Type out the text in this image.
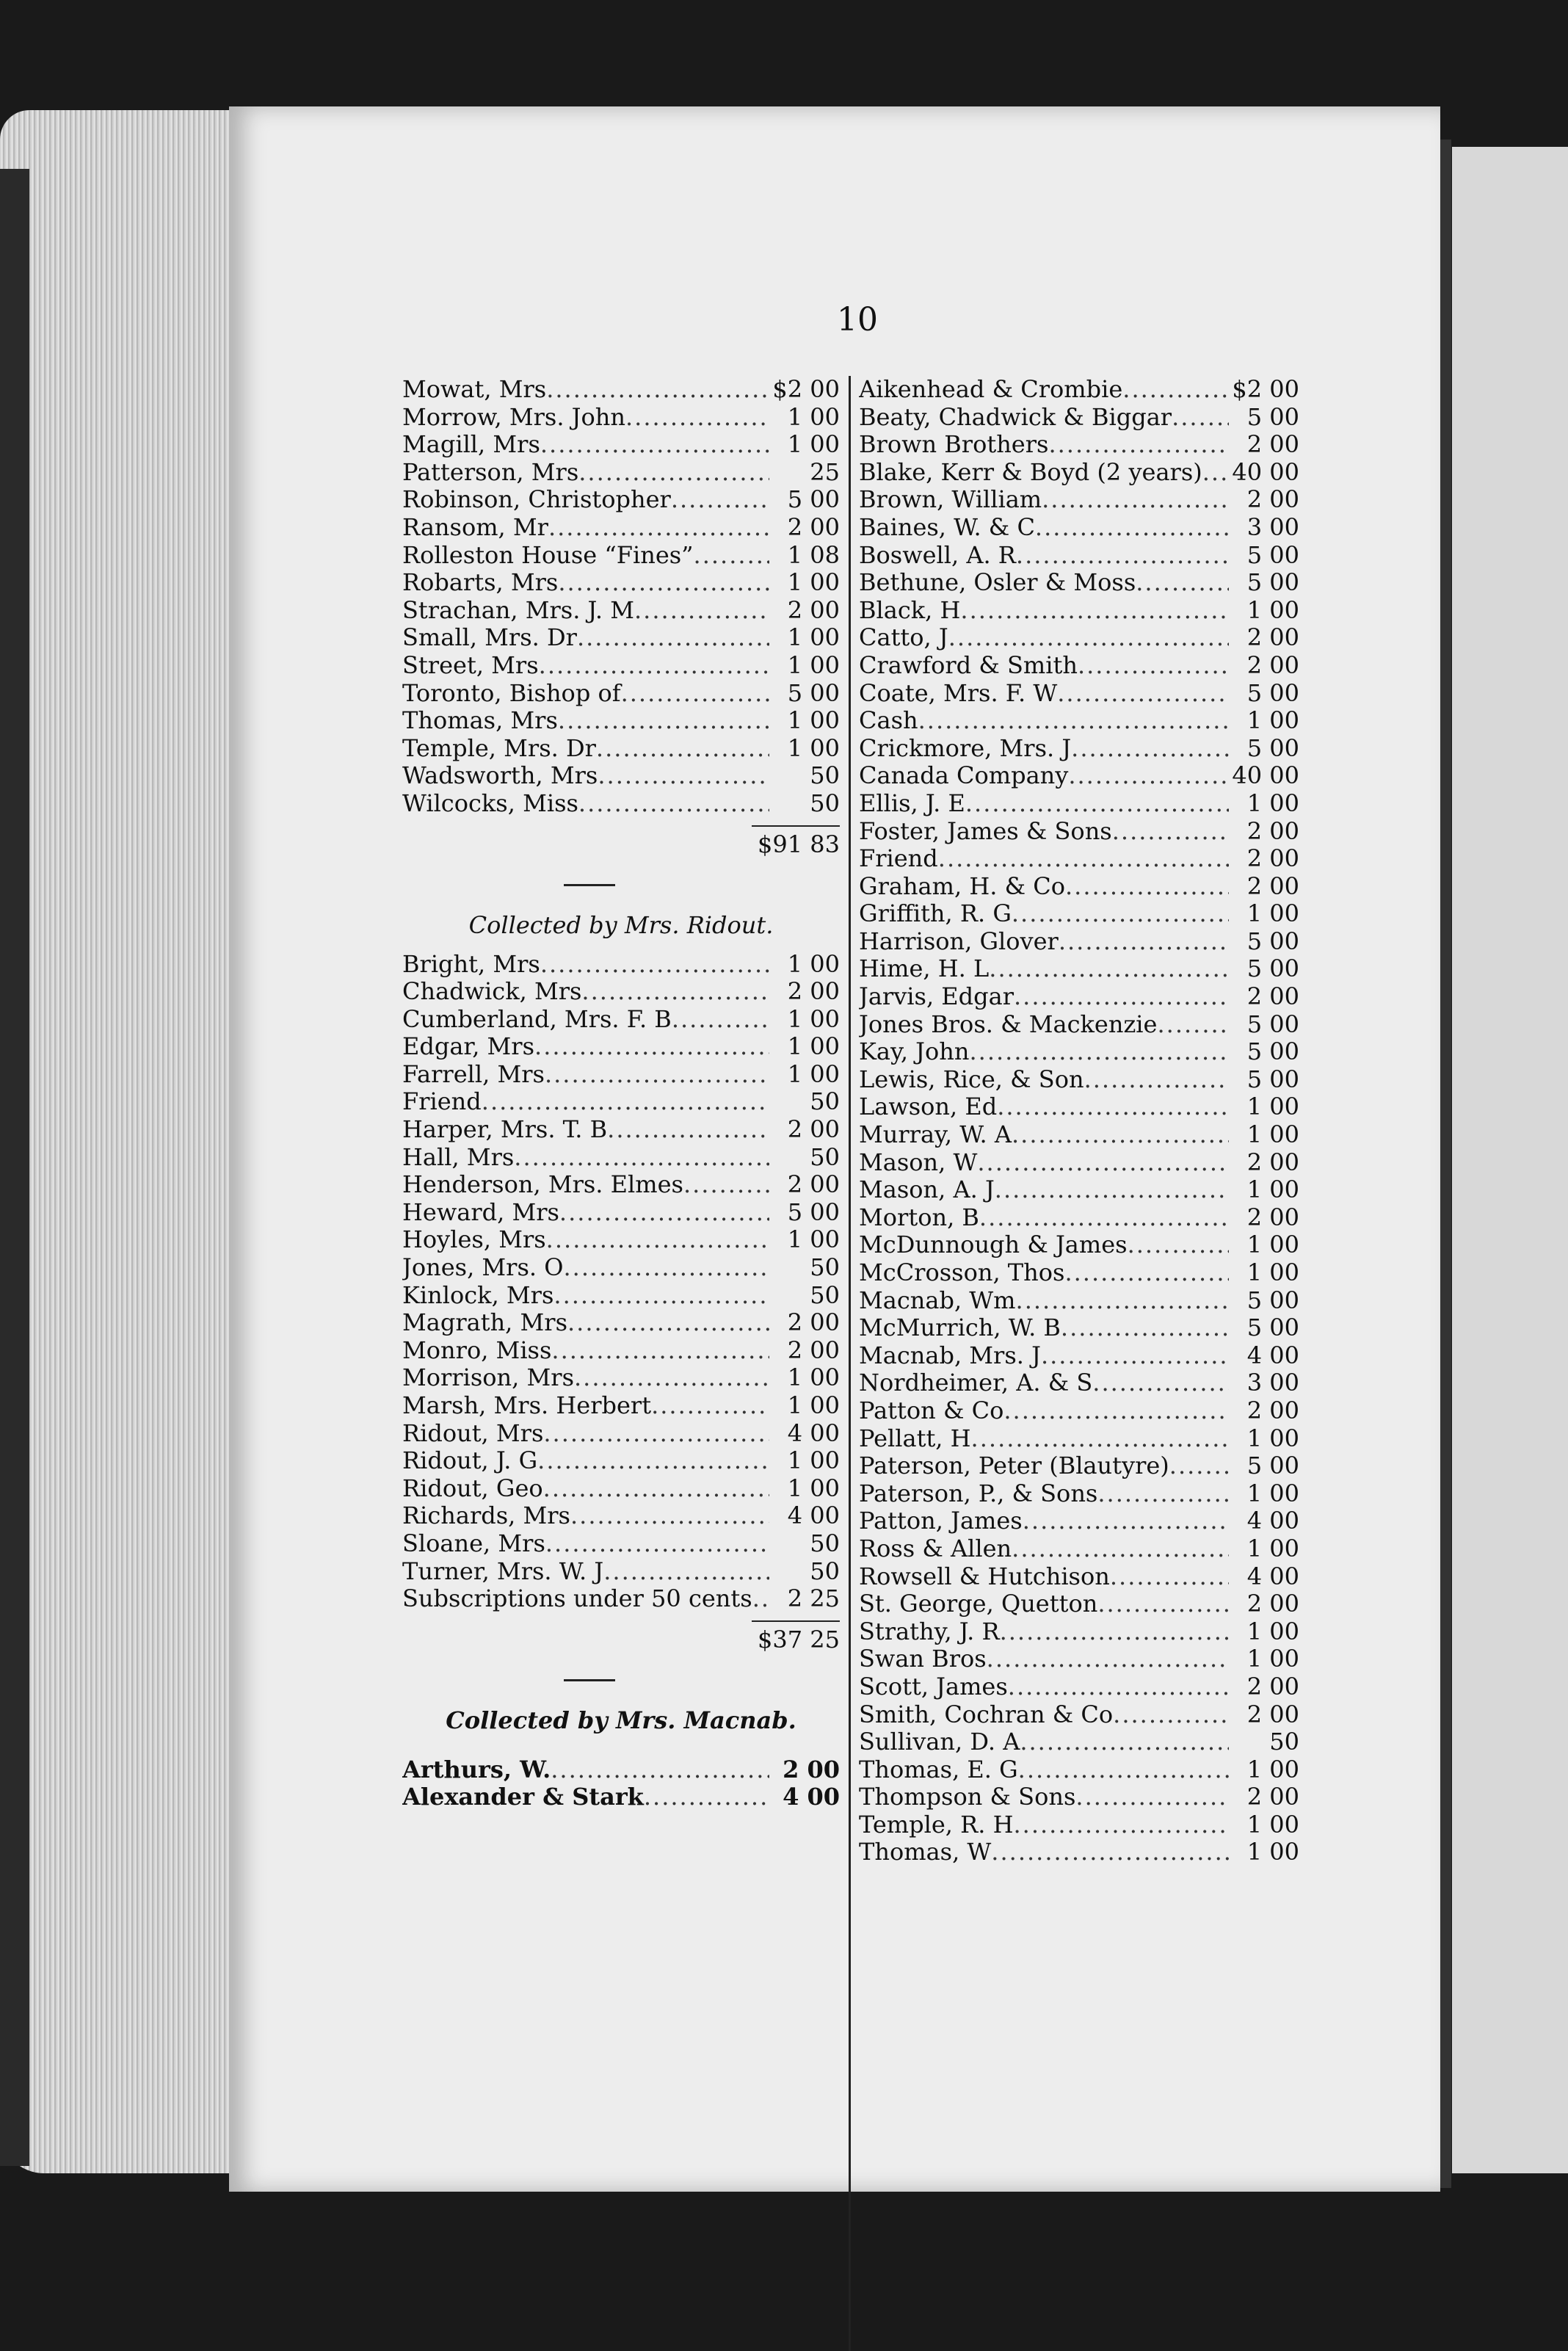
10
Mowat, Mrs .....	$2 00
Morrow, Mrs. John .....	1 00
Magill, Mrs .....	1 00
Patterson, Mrs .....	25
Robinson, Christopher .....	5 00
Ransom, Mr .....	2 00
Rolleston House “Fines” .....	1 08
Robarts, Mrs .....	1 00
Strachan, Mrs. J. M .....	2 00
Small, Mrs. Dr .....	1 00
Street, Mrs .....	1 00
Toronto, Bishop of .....	5 00
Thomas, Mrs .....	1 00
Temple, Mrs. Dr .....	1 00
Wadsworth, Mrs .....	50
Wilcocks, Miss .....	50
$91 83
Collected by Mrs. Ridout.
Bright, Mrs .....	1 00
Chadwick, Mrs .....	2 00
Cumberland, Mrs. F. B .....	1 00
Edgar, Mrs .....	1 00
Farrell, Mrs .....	1 00
Friend .....	50
Harper, Mrs. T. B .....	2 00
Hall, Mrs .....	50
Henderson, Mrs. Elmes .....	2 00
Heward, Mrs .....	5 00
Hoyles, Mrs .....	1 00
Jones, Mrs. O .....	50
Kinlock, Mrs .....	50
Magrath, Mrs .....	2 00
Monro, Miss .....	2 00
Morrison, Mrs .....	1 00
Marsh, Mrs. Herbert .....	1 00
Ridout, Mrs .....	4 00
Ridout, J. G .....	1 00
Ridout, Geo .....	1 00
Richards, Mrs .....	4 00
Sloane, Mrs .....	50
Turner, Mrs. W. J .....	50
Subscriptions under 50 cents .....	2 25
$37 25
Collected by Mrs. Macnab.
Arthurs, W. .....	2 00
Alexander & Stark .....	4 00
Aikenhead & Crombie .....	$2 00
Beaty, Chadwick & Biggar .....	5 00
Brown Brothers .....	2 00
Blake, Kerr & Boyd (2 years) ..... 40 00
Brown, William .....	2 00
Baines, W. & C .....	3 00
Boswell, A. R .....	5 00
Bethune, Osler & Moss .....	5 00
Black, H .....	1 00
Catto, J .....	2 00
Crawford & Smith .....	2 00
Coate, Mrs. F. W .....	5 00
Cash .....	1 00
Crickmore, Mrs. J .....	5 00
Canada Company .....	40 00
Ellis, J. E .....	1 00
Foster, James & Sons .....	2 00
Friend .....	2 00
Graham, H. & Co .....	2 00
Griffith, R. G .....	1 00
Harrison, Glover .....	5 00
Hime, H. L .....	5 00
Jarvis, Edgar .....	2 00
Jones Bros. & Mackenzie .....	5 00
Kay, John .....	5 00
Lewis, Rice, & Son .....	5 00
Lawson, Ed .....	1 00
Murray, W. A .....	1 00
Mason, W .....	2 00
Mason, A. J .....	1 00
Morton, B .....	2 00
McDunnough & James .....	1 00
McCrosson, Thos .....	1 00
Macnab, Wm .....	5 00
McMurrich, W. B .....	5 00
Macnab, Mrs. J .....	4 00
Nordheimer, A. & S .....	3 00
Patton & Co .....	2 00
Pellatt, H .....	1 00
Paterson, Peter (Blautyre) .....	5 00
Paterson, P., & Sons .....	1 00
Patton, James .....	4 00
Ross & Allen .....	1 00
Rowsell & Hutchison .....	4 00
St. George, Quetton .....	2 00
Strathy, J. R .....	1 00
Swan Bros .....	1 00
Scott, James .....	2 00
Smith, Cochran & Co .....	2 00
Sullivan, D. A .....	50
Thomas, E. G .....	1 00
Thompson & Sons .....	2 00
Temple, R. H .....	1 00
Thomas, W .....	1 00
